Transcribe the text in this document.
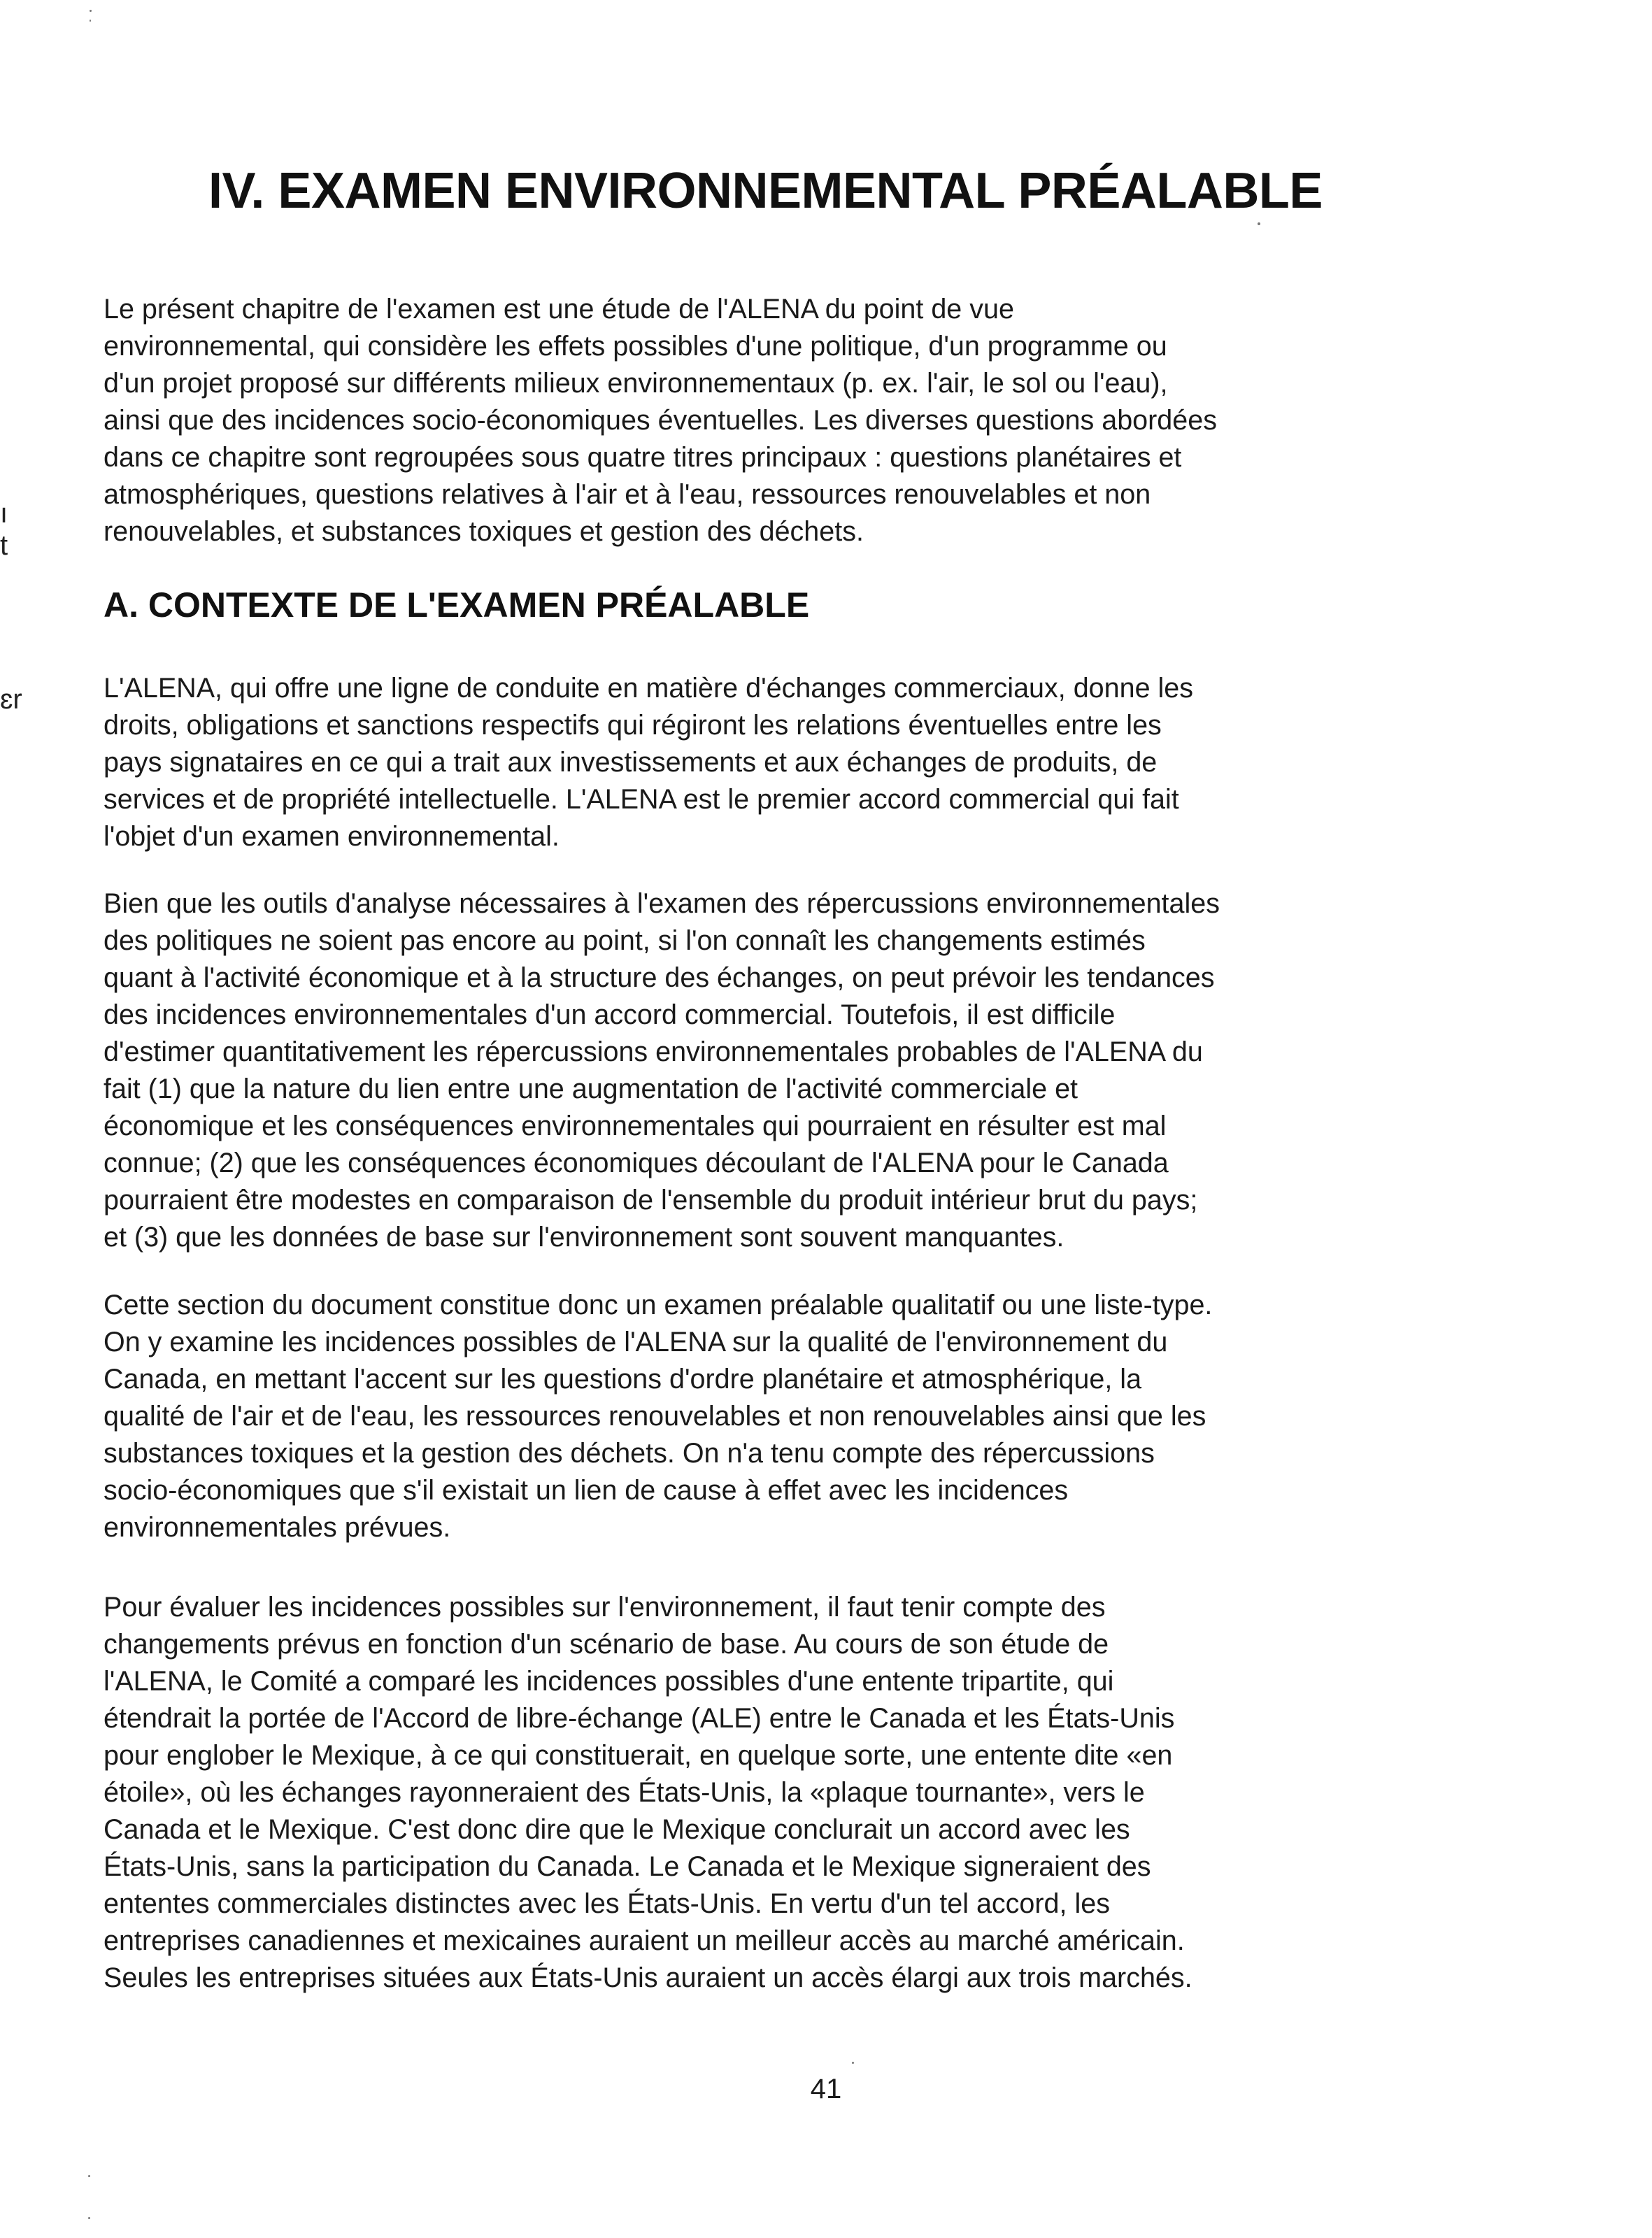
IV. EXAMEN ENVIRONNEMENTAL PRÉALABLE
ı
t
ɛr
Le présent chapitre de l'examen est une étude de l'ALENA du point de vue
environnemental, qui considère les effets possibles d'une politique, d'un programme ou
d'un projet proposé sur différents milieux environnementaux (p. ex. l'air, le sol ou l'eau),
ainsi que des incidences socio-économiques éventuelles. Les diverses questions abordées
dans ce chapitre sont regroupées sous quatre titres principaux : questions planétaires et
atmosphériques, questions relatives à l'air et à l'eau, ressources renouvelables et non
renouvelables, et substances toxiques et gestion des déchets.
A. CONTEXTE DE L'EXAMEN PRÉALABLE
L'ALENA, qui offre une ligne de conduite en matière d'échanges commerciaux, donne les
droits, obligations et sanctions respectifs qui régiront les relations éventuelles entre les
pays signataires en ce qui a trait aux investissements et aux échanges de produits, de
services et de propriété intellectuelle. L'ALENA est le premier accord commercial qui fait
l'objet d'un examen environnemental.
Bien que les outils d'analyse nécessaires à l'examen des répercussions environnementales
des politiques ne soient pas encore au point, si l'on connaît les changements estimés
quant à l'activité économique et à la structure des échanges, on peut prévoir les tendances
des incidences environnementales d'un accord commercial. Toutefois, il est difficile
d'estimer quantitativement les répercussions environnementales probables de l'ALENA du
fait (1) que la nature du lien entre une augmentation de l'activité commerciale et
économique et les conséquences environnementales qui pourraient en résulter est mal
connue; (2) que les conséquences économiques découlant de l'ALENA pour le Canada
pourraient être modestes en comparaison de l'ensemble du produit intérieur brut du pays;
et (3) que les données de base sur l'environnement sont souvent manquantes.
Cette section du document constitue donc un examen préalable qualitatif ou une liste-type.
On y examine les incidences possibles de l'ALENA sur la qualité de l'environnement du
Canada, en mettant l'accent sur les questions d'ordre planétaire et atmosphérique, la
qualité de l'air et de l'eau, les ressources renouvelables et non renouvelables ainsi que les
substances toxiques et la gestion des déchets. On n'a tenu compte des répercussions
socio-économiques que s'il existait un lien de cause à effet avec les incidences
environnementales prévues.
Pour évaluer les incidences possibles sur l'environnement, il faut tenir compte des
changements prévus en fonction d'un scénario de base. Au cours de son étude de
l'ALENA, le Comité a comparé les incidences possibles d'une entente tripartite, qui
étendrait la portée de l'Accord de libre-échange (ALE) entre le Canada et les États-Unis
pour englober le Mexique, à ce qui constituerait, en quelque sorte, une entente dite «en
étoile», où les échanges rayonneraient des États-Unis, la «plaque tournante», vers le
Canada et le Mexique. C'est donc dire que le Mexique conclurait un accord avec les
États-Unis, sans la participation du Canada. Le Canada et le Mexique signeraient des
ententes commerciales distinctes avec les États-Unis. En vertu d'un tel accord, les
entreprises canadiennes et mexicaines auraient un meilleur accès au marché américain.
Seules les entreprises situées aux États-Unis auraient un accès élargi aux trois marchés.
41
